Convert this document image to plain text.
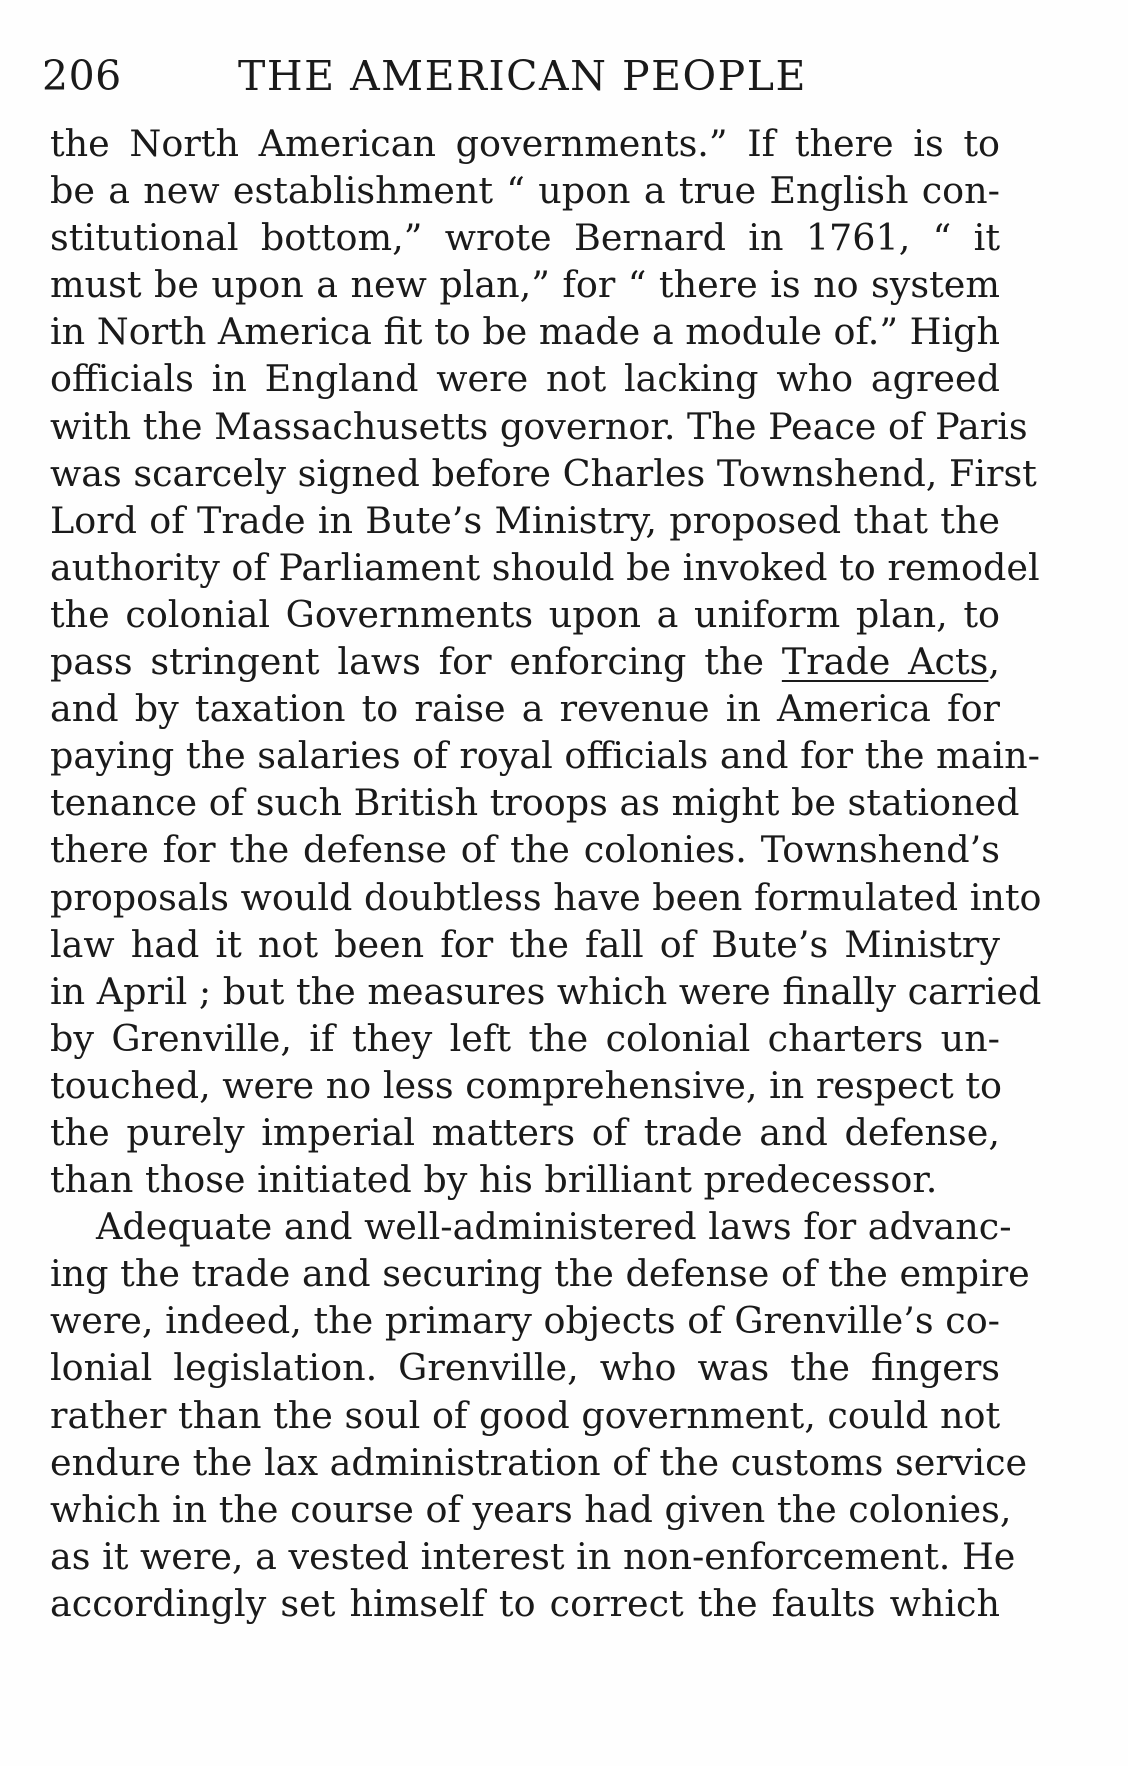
206	THE AMERICAN PEOPLE
the North American governments.” If there is to
be a new establishment “ upon a true English con-
stitutional bottom,” wrote Bernard in 1761, “ it
must be upon a new plan,” for “ there is no system
in North America fit to be made a module of.” High
officials in England were not lacking who agreed
with the Massachusetts governor. The Peace of Paris
was scarcely signed before Charles Townshend, First
Lord of Trade in Bute’s Ministry, proposed that the
authority of Parliament should be invoked to remodel
the colonial Governments upon a uniform plan, to
pass stringent laws for enforcing the Trade Acts,
and by taxation to raise a revenue in America for
paying the salaries of royal officials and for the main-
tenance of such British troops as might be stationed
there for the defense of the colonies. Townshend’s
proposals would doubtless have been formulated into
law had it not been for the fall of Bute’s Ministry
in April ; but the measures which were finally carried
by Grenville, if they left the colonial charters un-
touched, were no less comprehensive, in respect to
the purely imperial matters of trade and defense,
than those initiated by his brilliant predecessor.
Adequate and well-administered laws for advanc-
ing the trade and securing the defense of the empire
were, indeed, the primary objects of Grenville’s co-
lonial legislation. Grenville, who was the fingers
rather than the soul of good government, could not
endure the lax administration of the customs service
which in the course of years had given the colonies,
as it were, a vested interest in non-enforcement. He
accordingly set himself to correct the faults which
